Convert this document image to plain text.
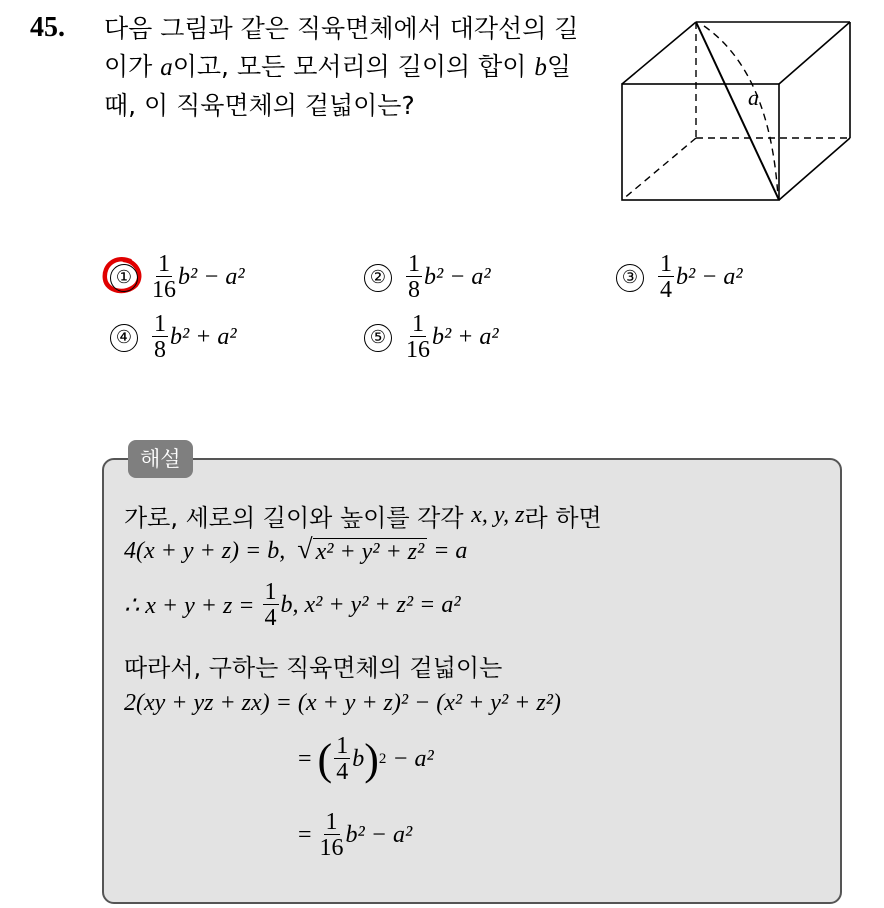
45. 다음 그림과 같은 직육면체에서 대각선의 길
이가 a이고, 모든 모서리의 길이의 합이 b일
때, 이 직육면체의 겉넓이는?	a
① $\frac{1}{16} b^2 - a^2$	② $\frac{1}{8} b^2 - a^2$	③ $\frac{1}{4} b^2 - a^2$
④ $\frac{1}{8} b^2 + a^2$	⑤ $\frac{1}{16} b^2 + a^2$
해설
가로, 세로의 길이와 높이를 각각
x, y, z 라 하면
4(x + y + z) = b,
√ x² + y² + z²
= a
∴ x + y + z =
$\frac{1}{4} b$, x² + y² + z² = a²
따라서, 구하는 직육면체의 겉넓이는
2(xy + yz + zx) = (x + y + z)² − (x² + y² + z²)
=
( $\frac{1}{4}$ b ) 2
− a²
=
$\frac{1}{16} b^2 - a^2$
